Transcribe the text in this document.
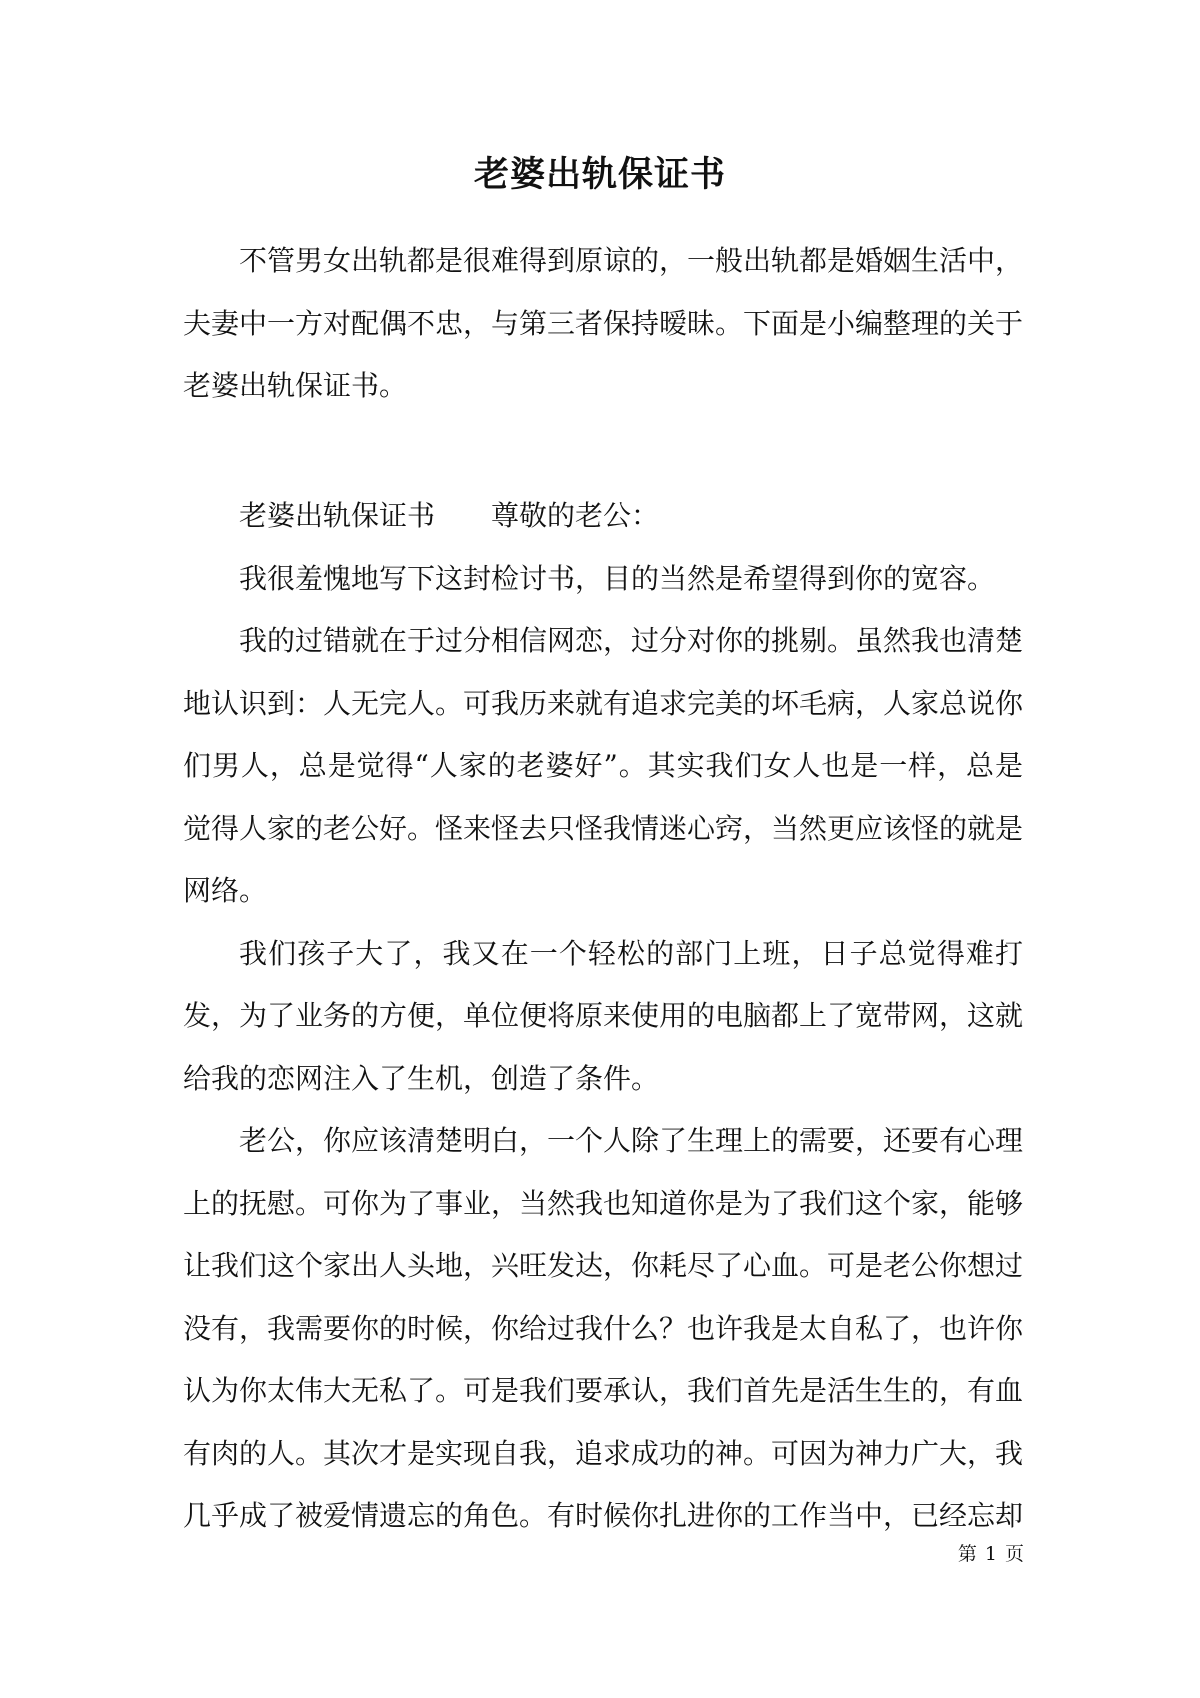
老婆出轨保证书

不管男女出轨都是很难得到原谅的，一般出轨都是婚姻生活中，夫妻中一方对配偶不忠，与第三者保持暧昧。下面是小编整理的关于老婆出轨保证书。

老婆出轨保证书 尊敬的老公：

我很羞愧地写下这封检讨书，目的当然是希望得到你的宽容。

我的过错就在于过分相信网恋，过分对你的挑剔。虽然我也清楚地认识到：人无完人。可我历来就有追求完美的坏毛病，人家总说你们男人，总是觉得“人家的老婆好”。其实我们女人也是一样，总是觉得人家的老公好。怪来怪去只怪我情迷心窍，当然更应该怪的就是网络。

我们孩子大了，我又在一个轻松的部门上班，日子总觉得难打发，为了业务的方便，单位便将原来使用的电脑都上了宽带网，这就给我的恋网注入了生机，创造了条件。

老公，你应该清楚明白，一个人除了生理上的需要，还要有心理上的抚慰。可你为了事业，当然我也知道你是为了我们这个家，能够让我们这个家出人头地，兴旺发达，你耗尽了心血。可是老公你想过没有，我需要你的时候，你给过我什么？也许我是太自私了，也许你认为你太伟大无私了。可是我们要承认，我们首先是活生生的，有血有肉的人。其次才是实现自我，追求成功的神。可因为神力广大，我几乎成了被爱情遗忘的角色。有时候你扎进你的工作当中，已经忘却

第 1 页
